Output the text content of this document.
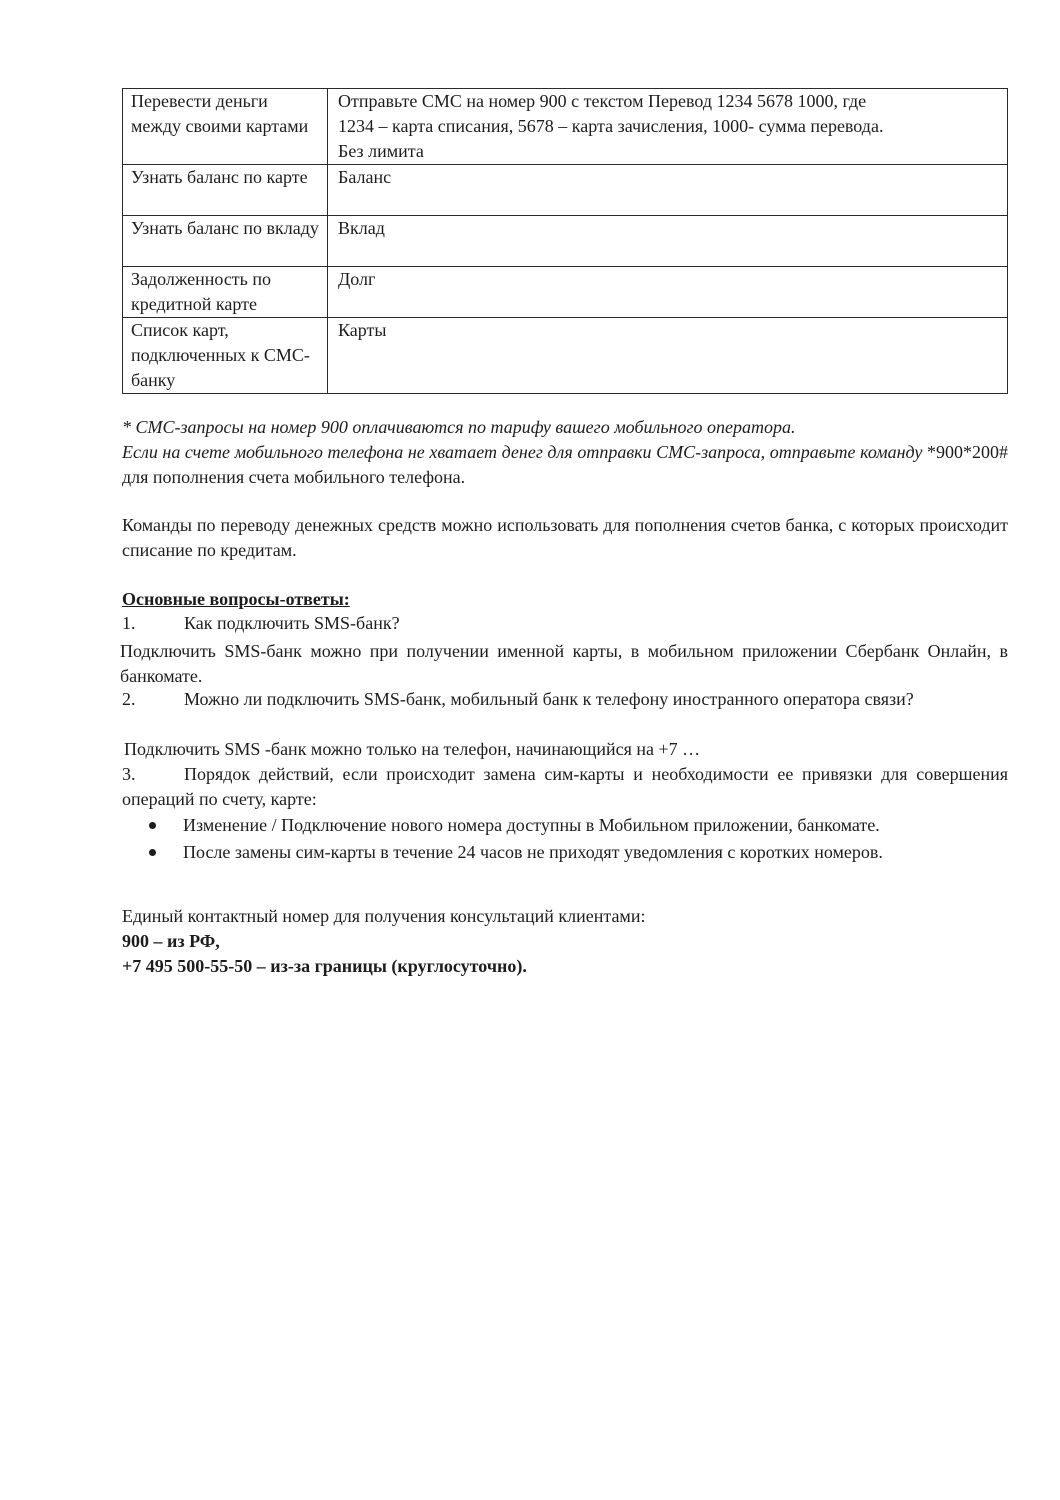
Перевести деньги между своими картами	Отправьте СМС на номер 900 с текстом Перевод 1234 5678 1000, где
1234 – карта списания, 5678 – карта зачисления, 1000- сумма перевода.
Без лимита

Узнать баланс по карте	Баланс

Узнать баланс по вкладу	Вклад

Задолженность по кредитной карте	Долг

Список карт, подключенных к СМС-банку	Карты
* СМС-запросы на номер 900 оплачиваются по тарифу вашего мобильного оператора.
Если на счете мобильного телефона не хватает денег для отправки СМС-запроса, отправьте команду *900*200# для пополнения счета мобильного телефона.
Команды по переводу денежных средств можно использовать для пополнения счетов банка, с которых происходит списание по кредитам.
Основные вопросы-ответы:
1.	Как подключить SMS-банк?
Подключить SMS-банк можно при получении именной карты, в мобильном приложении Сбербанк Онлайн, в банкомате.
2.	Можно ли подключить SMS-банк, мобильный банк к телефону иностранного оператора связи?
Подключить SMS -банк можно только на телефон, начинающийся на +7 …
3.	Порядок действий, если происходит замена сим-карты и необходимости ее привязки для совершения операций по счету, карте:
Изменение / Подключение нового номера доступны в Мобильном приложении, банкомате.
После замены сим-карты в течение 24 часов не приходят уведомления с коротких номеров.
Единый контактный номер для получения консультаций клиентами:
900 – из РФ,
+7 495 500-55-50 – из-за границы (круглосуточно).
